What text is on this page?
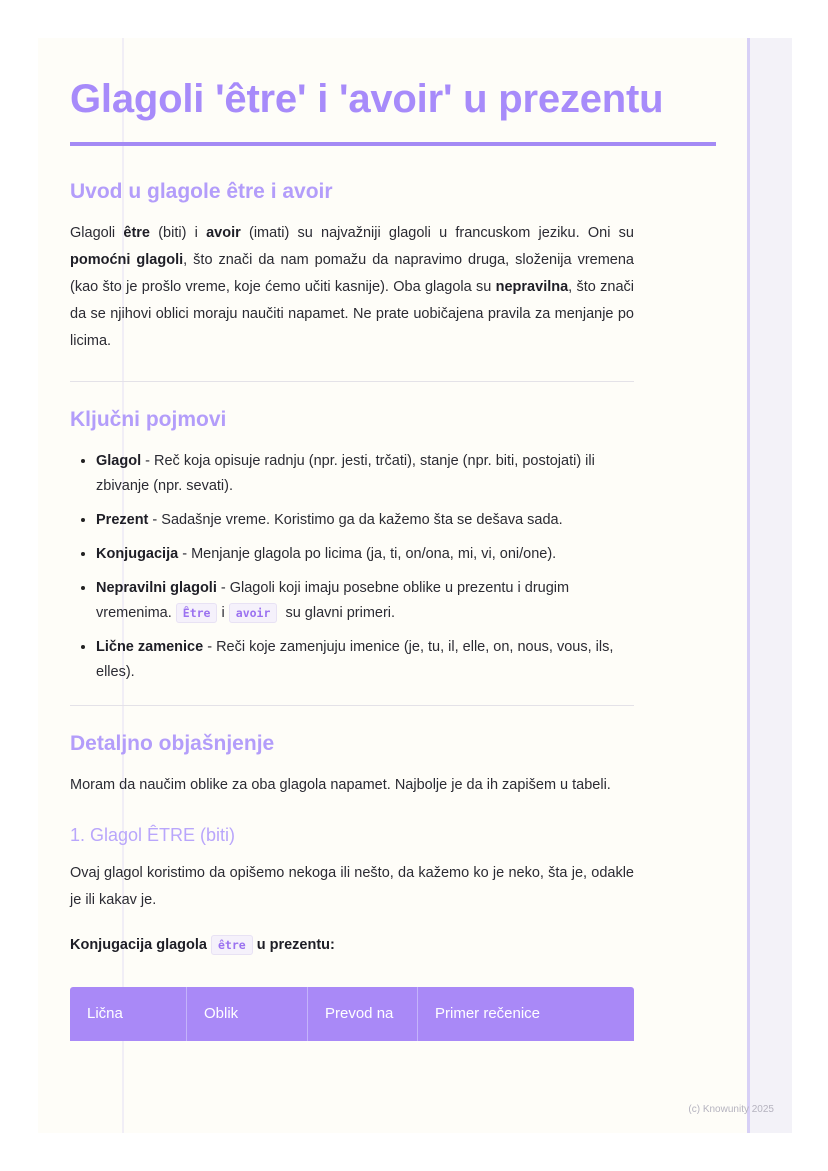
Glagoli 'être' i 'avoir' u prezentu
Uvod u glagole être i avoir

Glagoli être (biti) i avoir (imati) su najvažniji glagoli u francuskom jeziku. Oni su pomoćni glagoli, što znači da nam pomažu da napravimo druga, složenija vremena (kao što je prošlo vreme, koje ćemo učiti kasnije). Oba glagola su nepravilna, što znači da se njihovi oblici moraju naučiti napamet. Ne prate uobičajena pravila za menjanje po licima.

Ključni pojmovi
• Glagol - Reč koja opisuje radnju (npr. jesti, trčati), stanje (npr. biti, postojati) ili zbivanje (npr. sevati).
• Prezent - Sadašnje vreme. Koristimo ga da kažemo šta se dešava sada.
• Konjugacija - Menjanje glagola po licima (ja, ti, on/ona, mi, vi, oni/one).
• Nepravilni glagoli - Glagoli koji imaju posebne oblike u prezentu i drugim vremenima. Être i avoir  su glavni primeri.
• Lične zamenice - Reči koje zamenjuju imenice (je, tu, il, elle, on, nous, vous, ils, elles).
Detaljno objašnjenje

Moram da naučim oblike za oba glagola napamet. Najbolje je da ih zapišem u tabeli.

1. Glagol ÊTRE (biti)

Ovaj glagol koristimo da opišemo nekoga ili nešto, da kažemo ko je neko, šta je, odakle je ili kakav je.

Konjugacija glagola être u prezentu:

Lična	Oblik	Prevod na	Primer rečenice
(c) Knowunity 2025
